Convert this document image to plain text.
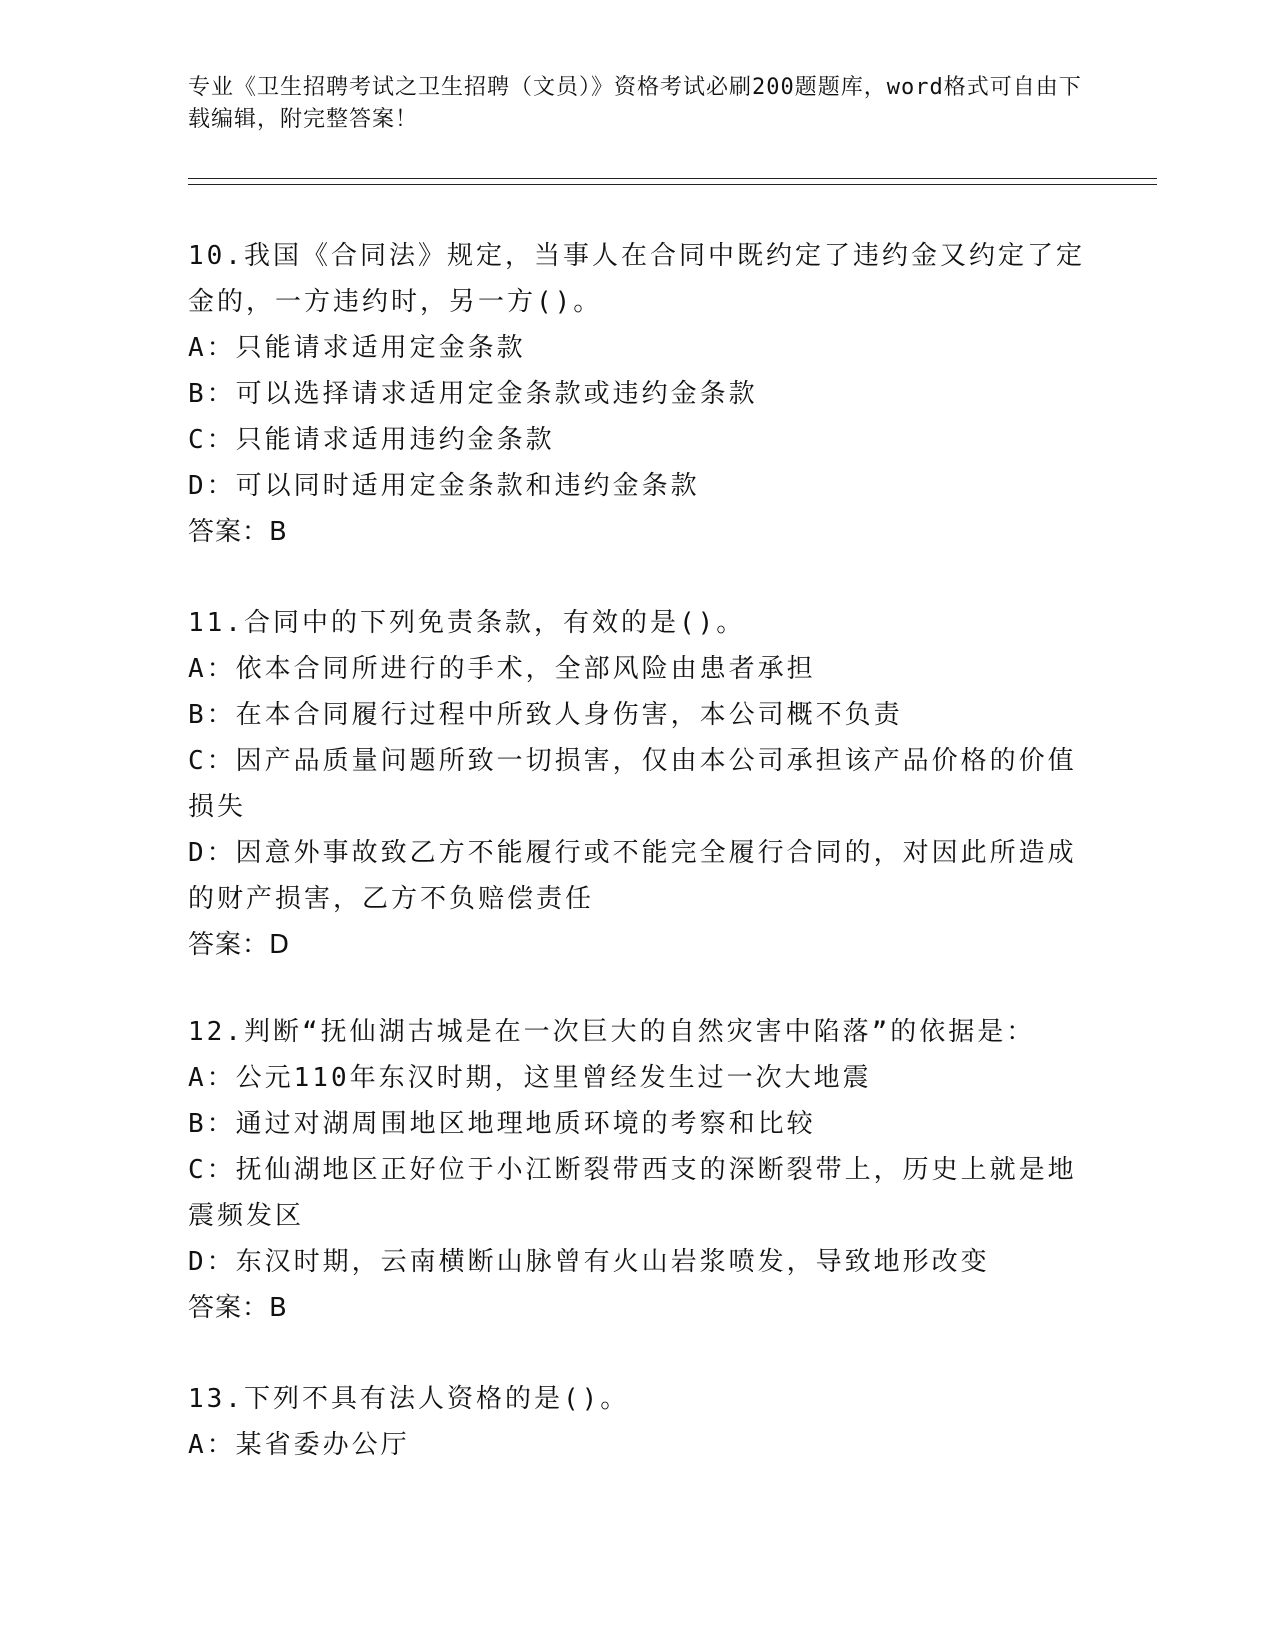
专业《卫生招聘考试之卫生招聘（文员）》资格考试必刷200题题库，word格式可自由下载编辑，附完整答案！
10.我国《合同法》规定，当事人在合同中既约定了违约金又约定了定金的，一方违约时，另一方()。
A：只能请求适用定金条款
B：可以选择请求适用定金条款或违约金条款
C：只能请求适用违约金条款
D：可以同时适用定金条款和违约金条款
答案：B
11.合同中的下列免责条款，有效的是()。
A：依本合同所进行的手术，全部风险由患者承担
B：在本合同履行过程中所致人身伤害，本公司概不负责
C：因产品质量问题所致一切损害，仅由本公司承担该产品价格的价值损失
D：因意外事故致乙方不能履行或不能完全履行合同的，对因此所造成的财产损害，乙方不负赔偿责任
答案：D
12.判断“抚仙湖古城是在一次巨大的自然灾害中陷落”的依据是：
A：公元110年东汉时期，这里曾经发生过一次大地震
B：通过对湖周围地区地理地质环境的考察和比较
C：抚仙湖地区正好位于小江断裂带西支的深断裂带上，历史上就是地震频发区
D：东汉时期，云南横断山脉曾有火山岩浆喷发，导致地形改变
答案：B
13.下列不具有法人资格的是()。
A：某省委办公厅
